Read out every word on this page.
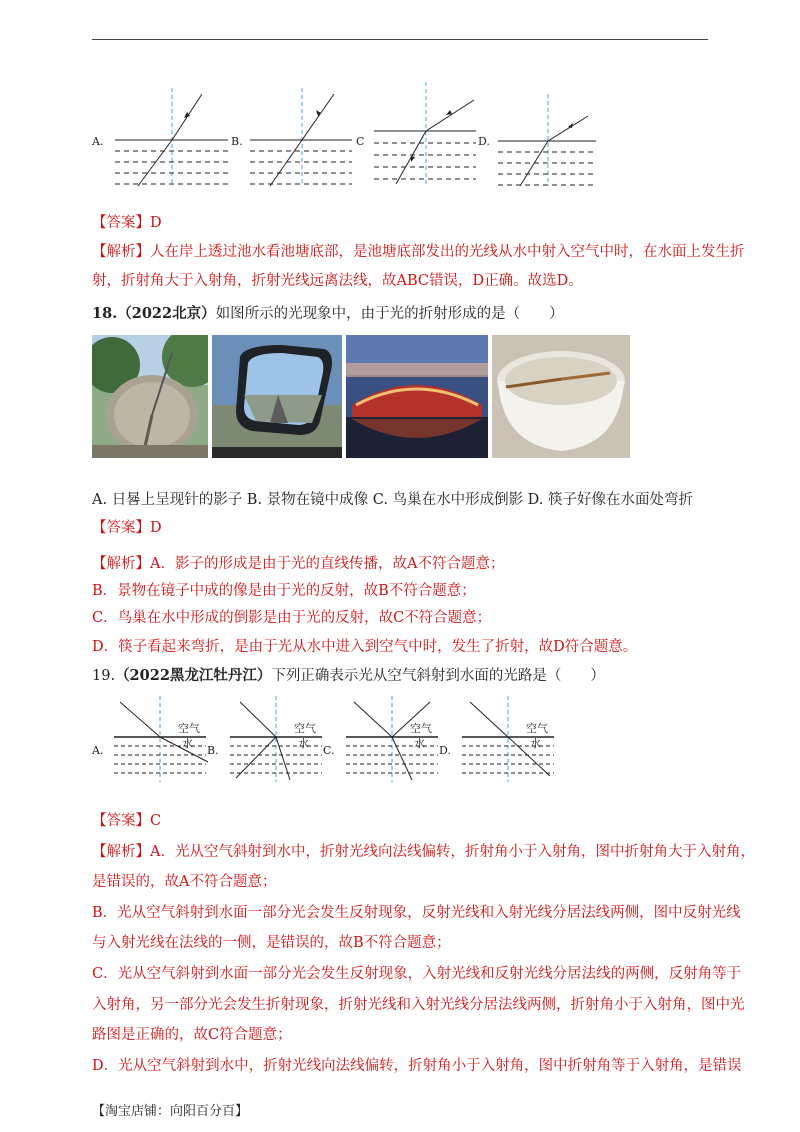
A.	B.	C	D.
【答案】D
【解析】人在岸上透过池水看池塘底部，是池塘底部发出的光线从水中射入空气中时，在水面上发生折
射，折射角大于入射角，折射光线远离法线，故ABC错误，D正确。故选D。
18.（2022北京）如图所示的光现象中，由于光的折射形成的是（　　）
A. 日晷上呈现针的影子 B. 景物在镜中成像 C. 鸟巢在水中形成倒影 D. 筷子好像在水面处弯折
【答案】D
【解析】A．影子的形成是由于光的直线传播，故A不符合题意；
B．景物在镜子中成的像是由于光的反射，故B不符合题意；
C．鸟巢在水中形成的倒影是由于光的反射，故C不符合题意；
D．筷子看起来弯折，是由于光从水中进入到空气中时，发生了折射，故D符合题意。
19.（2022黑龙江牡丹江）下列正确表示光从空气斜射到水面的光路是（　　）
A.
空气
水
B.
空气
水
C.
空气
水
D.
空气
水
【答案】C
【解析】A．光从空气斜射到水中，折射光线向法线偏转，折射角小于入射角，图中折射角大于入射角，
是错误的，故A不符合题意；
B．光从空气斜射到水面一部分光会发生反射现象，反射光线和入射光线分居法线两侧，图中反射光线
与入射光线在法线的一侧，是错误的，故B不符合题意；
C．光从空气斜射到水面一部分光会发生反射现象，入射光线和反射光线分居法线的两侧，反射角等于
入射角，另一部分光会发生折射现象，折射光线和入射光线分居法线两侧，折射角小于入射角，图中光
路图是正确的，故C符合题意；
D．光从空气斜射到水中，折射光线向法线偏转，折射角小于入射角，图中折射角等于入射角，是错误
【淘宝店铺：向阳百分百】
